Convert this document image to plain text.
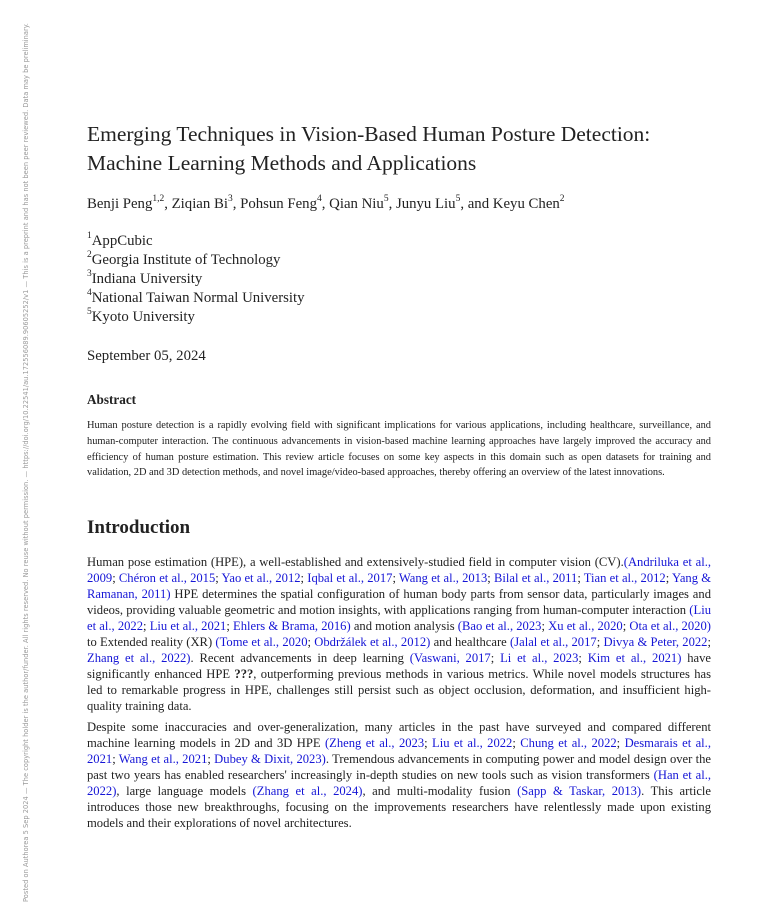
Posted on Authorea 5 Sep 2024 — The copyright holder is the author/funder. All rights reserved. No reuse without permission. — https://doi.org/10.22541/au.172556089.90605252/v1 — This is a preprint and has not been peer reviewed. Data may be preliminary.	Emerging Techniques in Vision-Based Human Posture Detection:
Machine Learning Methods and Applications
Benji Peng$^{1,2}$, Ziqian Bi$^3$, Pohsun Feng$^4$, Qian Niu$^5$, Junyu Liu$^5$, and Keyu Chen$^2$
$^1$AppCubic
$^2$Georgia Institute of Technology
$^3$Indiana University
$^4$National Taiwan Normal University
$^5$Kyoto University
September 05, 2024
Abstract
Human posture detection is a rapidly evolving field with significant implications for various applications, including healthcare, surveillance, and human-computer interaction. The continuous advancements in vision-based machine learning approaches have largely improved the accuracy and efficiency of human posture estimation. This review article focuses on some key aspects in this domain such as open datasets for training and validation, 2D and 3D detection methods, and novel image/video-based approaches, thereby offering an overview of the latest innovations.
Introduction

Human pose estimation (HPE), a well-established and extensively-studied field in computer vision (CV).(Andriluka et al., 2009; Chéron et al., 2015; Yao et al., 2012; Iqbal et al., 2017; Wang et al., 2013; Bilal et al., 2011; Tian et al., 2012; Yang & Ramanan, 2011) HPE determines the spatial configuration of human body parts from sensor data, particularly images and videos, providing valuable geometric and motion insights, with applications ranging from human-computer interaction (Liu et al., 2022; Liu et al., 2021; Ehlers & Brama, 2016) and motion analysis (Bao et al., 2023; Xu et al., 2020; Ota et al., 2020) to Extended reality (XR) (Tome et al., 2020; Obdržálek et al., 2012) and healthcare (Jalal et al., 2017; Divya & Peter, 2022; Zhang et al., 2022). Recent advancements in deep learning (Vaswani, 2017; Li et al., 2023; Kim et al., 2021) have significantly enhanced HPE ???, outperforming previous methods in various metrics. While novel models structures has led to remarkable progress in HPE, challenges still persist such as object occlusion, deformation, and insufficient high-quality training data.

Despite some inaccuracies and over-generalization, many articles in the past have surveyed and compared different machine learning models in 2D and 3D HPE (Zheng et al., 2023; Liu et al., 2022; Chung et al., 2022; Desmarais et al., 2021; Wang et al., 2021; Dubey & Dixit, 2023). Tremendous advancements in computing power and model design over the past two years has enabled researchers' increasingly in-depth studies on new tools such as vision transformers (Han et al., 2022), large language models (Zhang et al., 2024), and multi-modality fusion (Sapp & Taskar, 2013). This article introduces those new breakthroughs, focusing on the improvements researchers have relentlessly made upon existing models and their explorations of novel architectures.
